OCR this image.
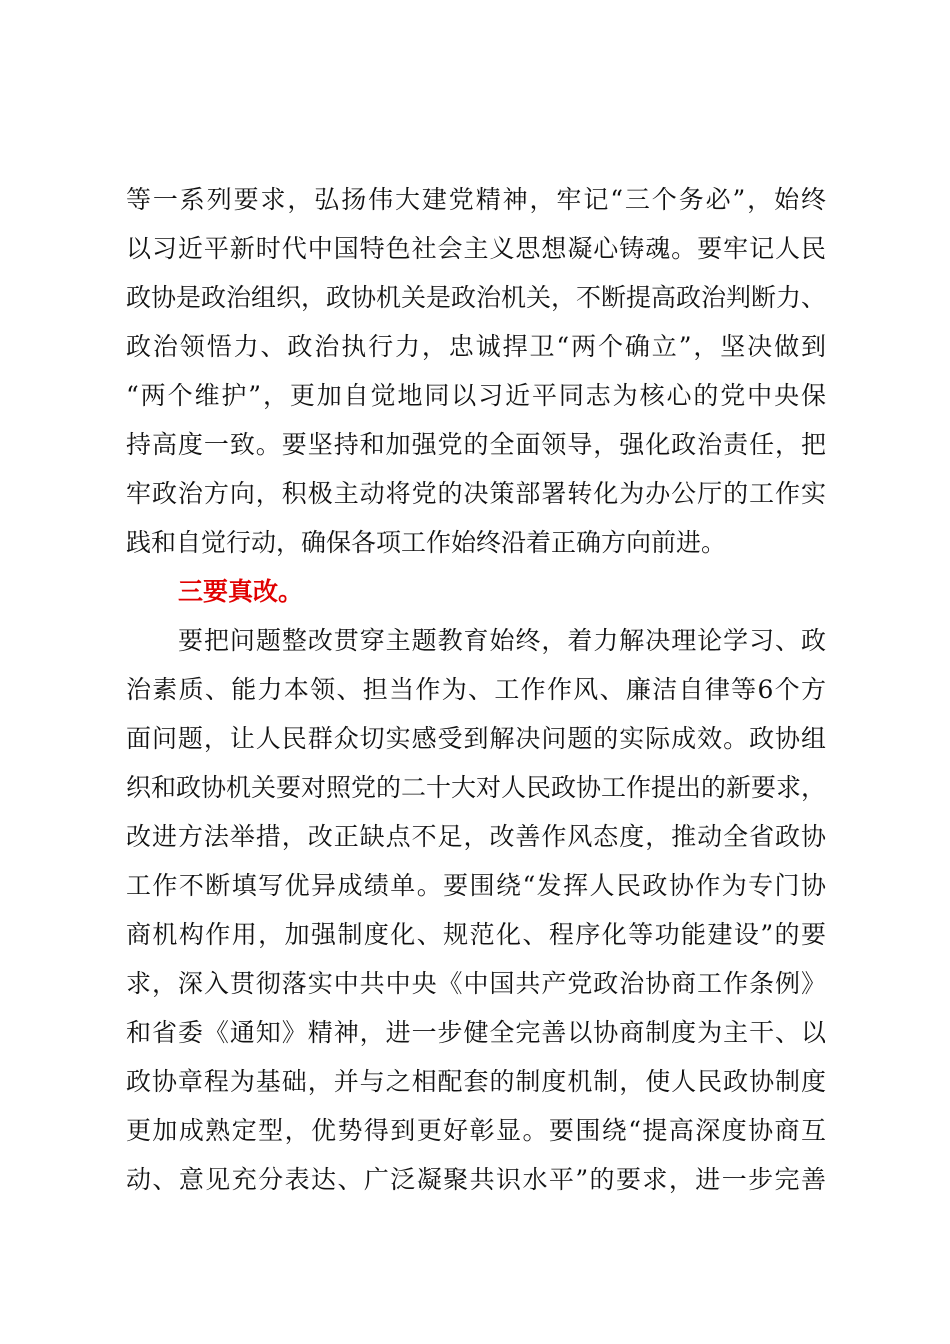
等一系列要求，弘扬伟大建党精神，牢记“三个务必”，始终
以习近平新时代中国特色社会主义思想凝心铸魂。要牢记人民
政协是政治组织，政协机关是政治机关，不断提高政治判断力、
政治领悟力、政治执行力，忠诚捍卫“两个确立”，坚决做到
“两个维护”，更加自觉地同以习近平同志为核心的党中央保
持高度一致。要坚持和加强党的全面领导，强化政治责任，把
牢政治方向，积极主动将党的决策部署转化为办公厅的工作实
践和自觉行动，确保各项工作始终沿着正确方向前进。
三要真改。
要把问题整改贯穿主题教育始终，着力解决理论学习、政
治素质、能力本领、担当作为、工作作风、廉洁自律等6个方
面问题，让人民群众切实感受到解决问题的实际成效。政协组
织和政协机关要对照党的二十大对人民政协工作提出的新要求，
改进方法举措，改正缺点不足，改善作风态度，推动全省政协
工作不断填写优异成绩单。要围绕“发挥人民政协作为专门协
商机构作用，加强制度化、规范化、程序化等功能建设”的要
求，深入贯彻落实中共中央《中国共产党政治协商工作条例》
和省委《通知》精神，进一步健全完善以协商制度为主干、以
政协章程为基础，并与之相配套的制度机制，使人民政协制度
更加成熟定型，优势得到更好彰显。要围绕“提高深度协商互
动、意见充分表达、广泛凝聚共识水平”的要求，进一步完善
